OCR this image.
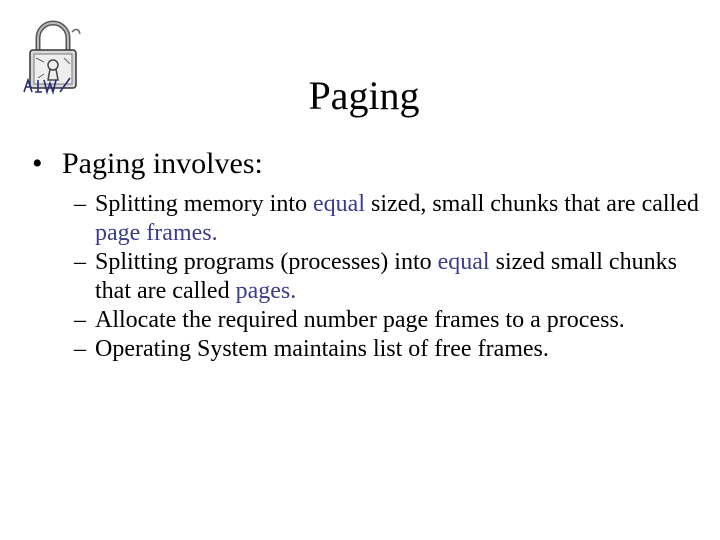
Paging
• Paging involves:
– Splitting memory into equal sized, small chunks that are called page frames.
– Splitting programs (processes) into equal sized small chunks that are called pages.
– Allocate the required number page frames to a process.
– Operating System maintains list of free frames.
